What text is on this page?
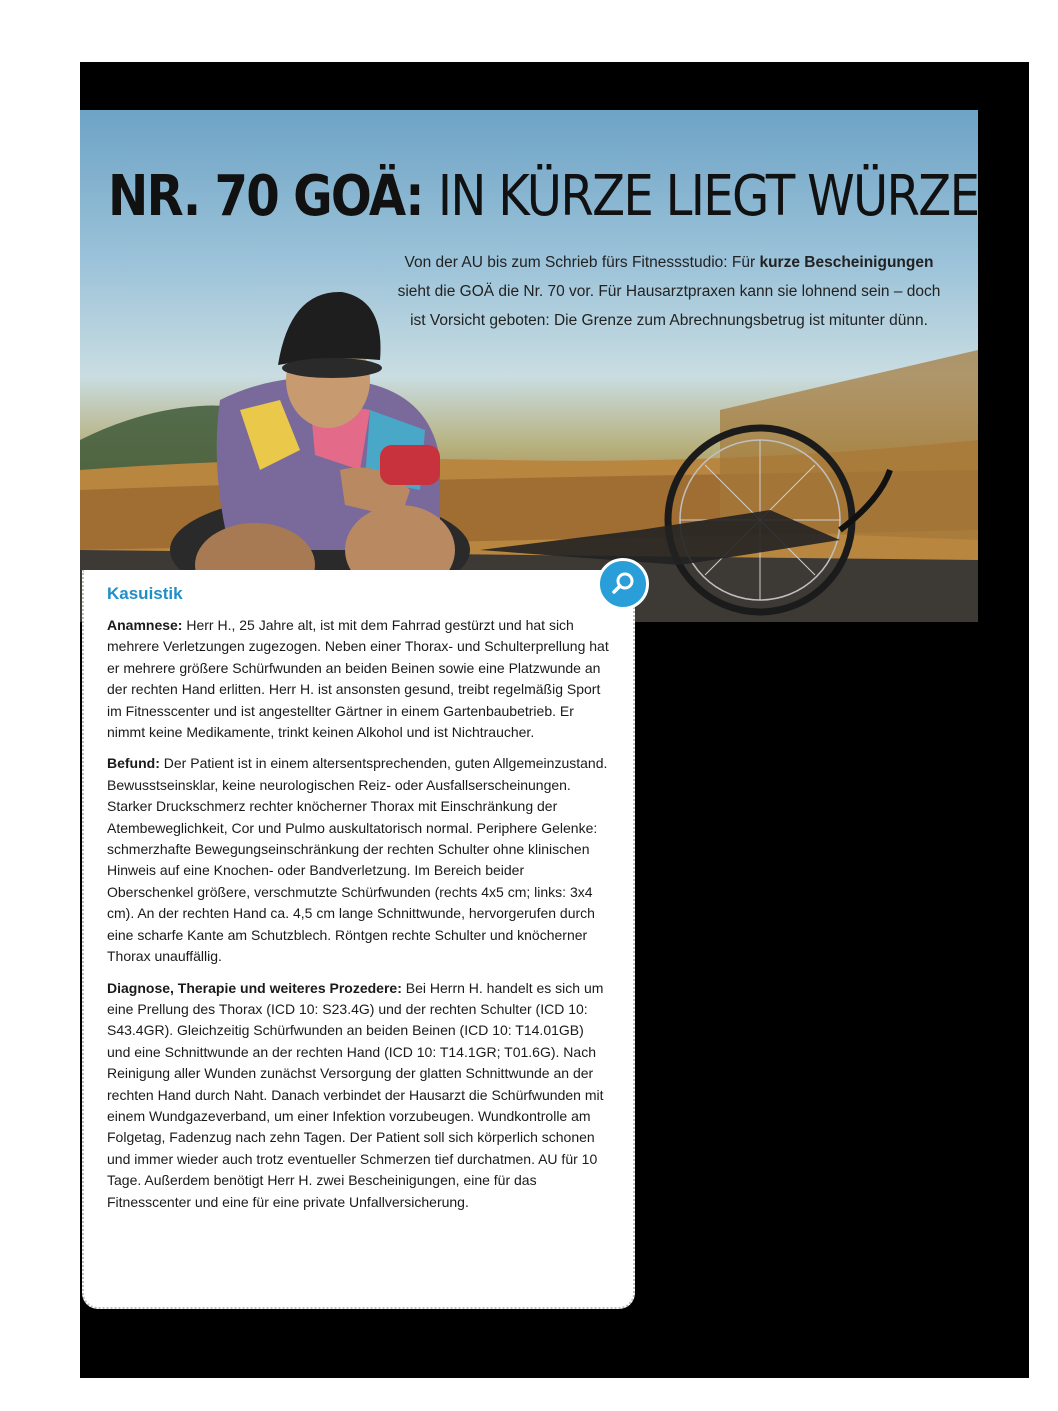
NR. 70 GOÄ: IN KÜRZE LIEGT WÜRZE
Von der AU bis zum Schrieb fürs Fitnessstudio: Für kurze Bescheinigungen sieht die GOÄ die Nr. 70 vor. Für Hausarztpraxen kann sie lohnend sein – doch ist Vorsicht geboten: Die Grenze zum Abrechnungsbetrug ist mitunter dünn.
Kasuistik

Anamnese: Herr H., 25 Jahre alt, ist mit dem Fahrrad gestürzt und hat sich mehrere Verletzungen zugezogen. Neben einer Thorax- und Schulterprellung hat er mehrere größere Schürfwunden an beiden Beinen sowie eine Platzwunde an der rechten Hand erlitten. Herr H. ist ansonsten gesund, treibt regelmäßig Sport im Fitnesscenter und ist angestellter Gärtner in einem Gartenbaubetrieb. Er nimmt keine Medikamente, trinkt keinen Alkohol und ist Nichtraucher.

Befund: Der Patient ist in einem altersentsprechenden, guten Allgemeinzustand. Bewusstseinsklar, keine neurologischen Reiz- oder Ausfallserscheinungen. Starker Druckschmerz rechter knöcherner Thorax mit Einschränkung der Atembeweglichkeit, Cor und Pulmo auskultatorisch normal. Periphere Gelenke: schmerzhafte Bewegungseinschränkung der rechten Schulter ohne klinischen Hinweis auf eine Knochen- oder Bandverletzung. Im Bereich beider Oberschenkel größere, verschmutzte Schürfwunden (rechts 4x5 cm; links: 3x4 cm). An der rechten Hand ca. 4,5 cm lange Schnittwunde, hervorgerufen durch eine scharfe Kante am Schutzblech. Röntgen rechte Schulter und knöcherner Thorax unauffällig.

Diagnose, Therapie und weiteres Prozedere: Bei Herrn H. handelt es sich um eine Prellung des Thorax (ICD 10: S23.4G) und der rechten Schulter (ICD 10: S43.4GR). Gleichzeitig Schürfwunden an beiden Beinen (ICD 10: T14.01GB) und eine Schnittwunde an der rechten Hand (ICD 10: T14.1GR; T01.6G). Nach Reinigung aller Wunden zunächst Versorgung der glatten Schnittwunde an der rechten Hand durch Naht. Danach verbindet der Hausarzt die Schürfwunden mit einem Wundgazeverband, um einer Infektion vorzubeugen. Wundkontrolle am Folgetag, Fadenzug nach zehn Tagen. Der Patient soll sich körperlich schonen und immer wieder auch trotz eventueller Schmerzen tief durchatmen. AU für 10 Tage. Außerdem benötigt Herr H. zwei Bescheinigungen, eine für das Fitnesscenter und eine für eine private Unfallversicherung.
